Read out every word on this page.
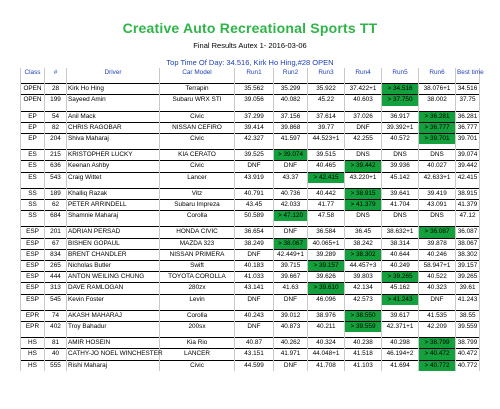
Creative Auto Recreational Sports TT
Final Results Autex 1- 2016-03-06
Top Time Of Day: 34.516, Kirk Ho Hing,#28 OPEN
Class	#	Driver	Car Model	Run1	Run2	Run3	Run4	Run5	Run6	Best time

OPEN	28	Kirk Ho Hing	Terrapin	35.562	35.299	35.922	37.422+1	> 34.516	38.076+1	34.516
OPEN	199	Sayeed Amin	Subaru WRX STI	39.056	40.082	45.22	40.603	> 37.750	38.002	37.75

EP	54	Anil Mack	Civic	37.299	37.156	37.614	37.026	36.917	> 36.281	36.281
EP	82	CHRIS RAGOBAR	NISSAN CEFIRO	39.414	39.868	39.77	DNF	39.392+1	> 36.777	36.777
EP	204	Shiva Maharaj	Civic	42.327	41.597	44.523+1	42.255	40.572	> 39.701	39.701

ES	215	KRISTOPHER LUCKY	KIA CERATO	39.525	> 39.074	39.515	DNS	DNS	DNS	39.074
ES	636	Keenan Ashby	Civic	DNF	DNF	40.465	> 39.442	39.936	40.027	39.442
ES	543	Craig Wittet	Lancer	43.919	43.37	> 42.415	43.220+1	45.142	42.633+1	42.415

SS	189	Khalliq Razak	Vitz	40.791	40.736	40.442	> 38.915	39.641	39.419	38.915
SS	62	PETER ARRINDELL	Subaru Impreza	43.45	42.033	41.77	> 41.379	41.704	43.091	41.379
SS	684	Shamnie Maharaj	Corolla	50.589	> 47.120	47.58	DNS	DNS	DNS	47.12

ESP	201	ADRIAN PERSAD	HONDA CIVIC	36.654	DNF	36.584	36.45	38.632+1	> 36.087	36.087
ESP	67	BISHEN GOPAUL	MAZDA 323	38.249	> 38.067	40.065+1	38.242	38.314	39.878	38.067
ESP	834	BRENT CHANDLER	NISSAN PRIMERA	DNF	42.449+1	39.289	> 38.302	40.644	40.246	38.302
ESP	265	Nicholas Butler	Swift	40.183	39.715	> 39.157	44.457+3	40.249	58.947+1	39.157
ESP	444	ANTON WEILING CHUNG	TOYOTA COROLLA	41.033	39.667	39.626	39.803	> 39.265	40.522	39.265
ESP	313	DAVE RAMLOGAN	280zx	43.141	41.63	> 39.610	42.134	45.162	40.323	39.61
ESP	545	Kevin Foster	Levin	DNF	DNF	46.096	42.573	> 41.243	DNF	41.243

EPR	74	AKASH MAHARAJ	Corolla	40.243	39.012	38.976	> 38.550	39.617	41.535	38.55
EPR	402	Troy Bahadur	200sx	DNF	40.873	40.211	> 39.559	42.371+1	42.209	39.559

HS	81	AMIR HOSEIN	Kia Rio	40.87	40.262	40.324	40.238	40.298	> 38.799	38.799
HS	40	CATHY-JO NOEL WINCHESTER	LANCER	43.151	41.971	44.048+1	41.518	46.194+2	> 40.472	40.472
HS	555	Rishi Maharaj	Civic	44.599	DNF	41.708	41.103	41.694	> 40.772	40.772
